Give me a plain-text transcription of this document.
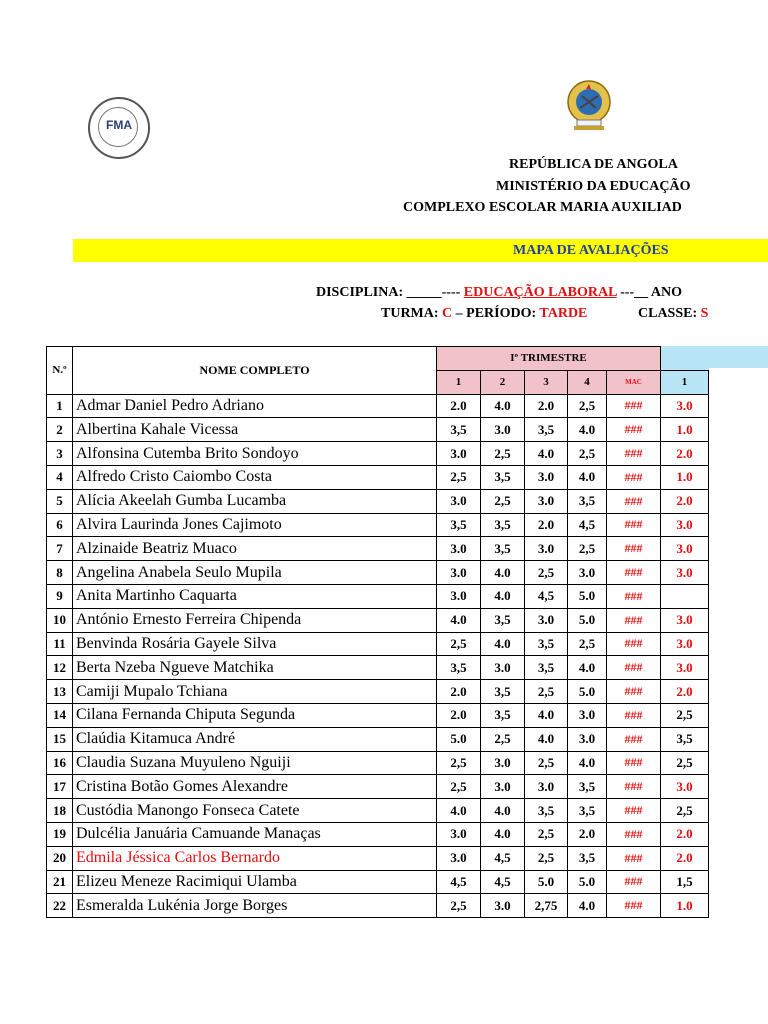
FMA
REPÚBLICA DE ANGOLA
MINISTÉRIO DA EDUCAÇÃO
COMPLEXO ESCOLAR MARIA AUXILIAD
MAPA DE AVALIAÇÕES
DISCIPLINA: _____---- EDUCAÇÃO LABORAL ---__ ANO
TURMA: C – PERÍODO: TARDE	CLASSE: S
N.º	NOME COMPLETO	Iº TRIMESTRE					
		1	2	3	4	MAC	1
1	Admar Daniel Pedro Adriano	2.0	4.0	2.0	2,5	###	3.0
2	Albertina Kahale Vicessa	3,5	3.0	3,5	4.0	###	1.0
3	Alfonsina Cutemba Brito Sondoyo	3.0	2,5	4.0	2,5	###	2.0
4	Alfredo Cristo Caiombo Costa	2,5	3,5	3.0	4.0	###	1.0
5	Alícia Akeelah Gumba Lucamba	3.0	2,5	3.0	3,5	###	2.0
6	Alvira Laurinda Jones Cajimoto	3,5	3,5	2.0	4,5	###	3.0
7	Alzinaide Beatriz Muaco	3.0	3,5	3.0	2,5	###	3.0
8	Angelina Anabela Seulo Mupila	3.0	4.0	2,5	3.0	###	3.0
9	Anita Martinho Caquarta	3.0	4.0	4,5	5.0	###	
10	António Ernesto Ferreira Chipenda	4.0	3,5	3.0	5.0	###	3.0
11	Benvinda Rosária Gayele Silva	2,5	4.0	3,5	2,5	###	3.0
12	Berta Nzeba Ngueve Matchika	3,5	3.0	3,5	4.0	###	3.0
13	Camiji Mupalo Tchiana	2.0	3,5	2,5	5.0	###	2.0
14	Cilana Fernanda Chiputa Segunda	2.0	3,5	4.0	3.0	###	2,5
15	Claúdia Kitamuca André	5.0	2,5	4.0	3.0	###	3,5
16	Claudia Suzana Muyuleno Nguiji	2,5	3.0	2,5	4.0	###	2,5
17	Cristina Botão Gomes Alexandre	2,5	3.0	3.0	3,5	###	3.0
18	Custódia Manongo Fonseca Catete	4.0	4.0	3,5	3,5	###	2,5
19	Dulcélia Januária Camuande Manaças	3.0	4.0	2,5	2.0	###	2.0
20	Edmila Jéssica Carlos Bernardo	3.0	4,5	2,5	3,5	###	2.0
21	Elizeu Meneze Racimiqui Ulamba	4,5	4,5	5.0	5.0	###	1,5
22	Esmeralda Lukénia Jorge Borges	2,5	3.0	2,75	4.0	###	1.0
